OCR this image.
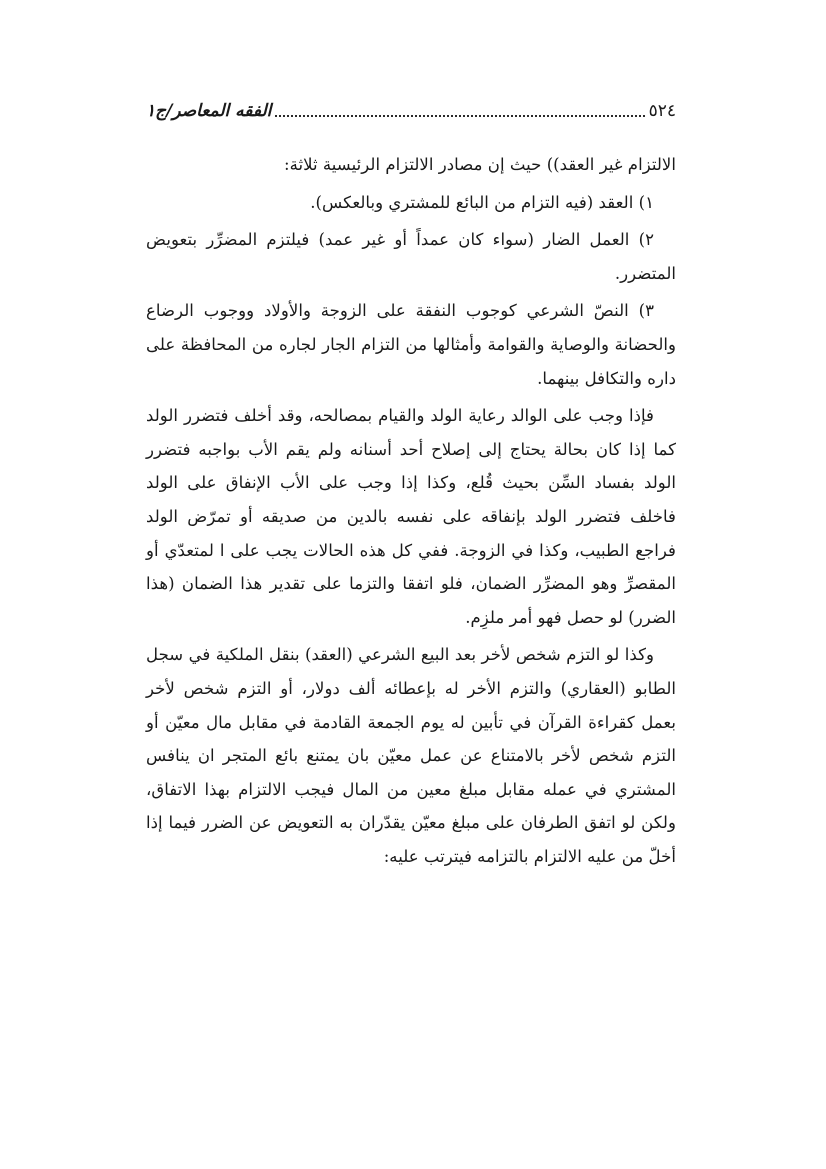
٥٢٤
الفقه المعاصر/ج١

الالتزام غير العقد)) حيث إن مصادر الالتزام الرئيسية ثلاثة:

١) العقد (فيه التزام من البائع للمشتري وبالعكس).

٢) العمل الضار (سواء كان عمداً أو غير عمد) فيلتزم المضرِّر بتعويض المتضرر.

٣) النصّ الشرعي كوجوب النفقة على الزوجة والأولاد ووجوب الرضاع والحضانة والوصاية والقوامة وأمثالها من التزام الجار لجاره من المحافظة على داره والتكافل بينهما.

فإذا وجب على الوالد رعاية الولد والقيام بمصالحه، وقد أخلف فتضرر الولد كما إذا كان بحالة يحتاج إلى إصلاح أحد أسنانه ولم يقم الأب بواجبه فتضرر الولد بفساد السِّن بحيث قُلع، وكذا إذا وجب على الأب الإنفاق على الولد فاخلف فتضرر الولد بإنفاقه على نفسه بالدين من صديقه أو تمرّض الولد فراجع الطبيب، وكذا في الزوجة. ففي كل هذه الحالات يجب على ا لمتعدّي أو المقصرِّ وهو المضرِّر الضمان، فلو اتفقا والتزما على تقدير هذا الضمان (هذا الضرر) لو حصل فهو أمر ملزِم.

وكذا لو التزم شخص لأخر بعد البيع الشرعي (العقد) بنقل الملكية في سجل الطابو (العقاري) والتزم الأخر له بإعطائه ألف دولار، أو التزم شخص لأخر بعمل كقراءة القرآن في تأبين له يوم الجمعة القادمة في مقابل مال معيّن أو التزم شخص لأخر بالامتناع عن عمل معيّن بان يمتنع بائع المتجر ان ينافس المشتري في عمله مقابل مبلغ معين من المال فيجب الالتزام بهذا الاتفاق، ولكن لو اتفق الطرفان على مبلغ معيّن يقدّران به التعويض عن الضرر فيما إذا أخلّ من عليه الالتزام بالتزامه فيترتب عليه:
